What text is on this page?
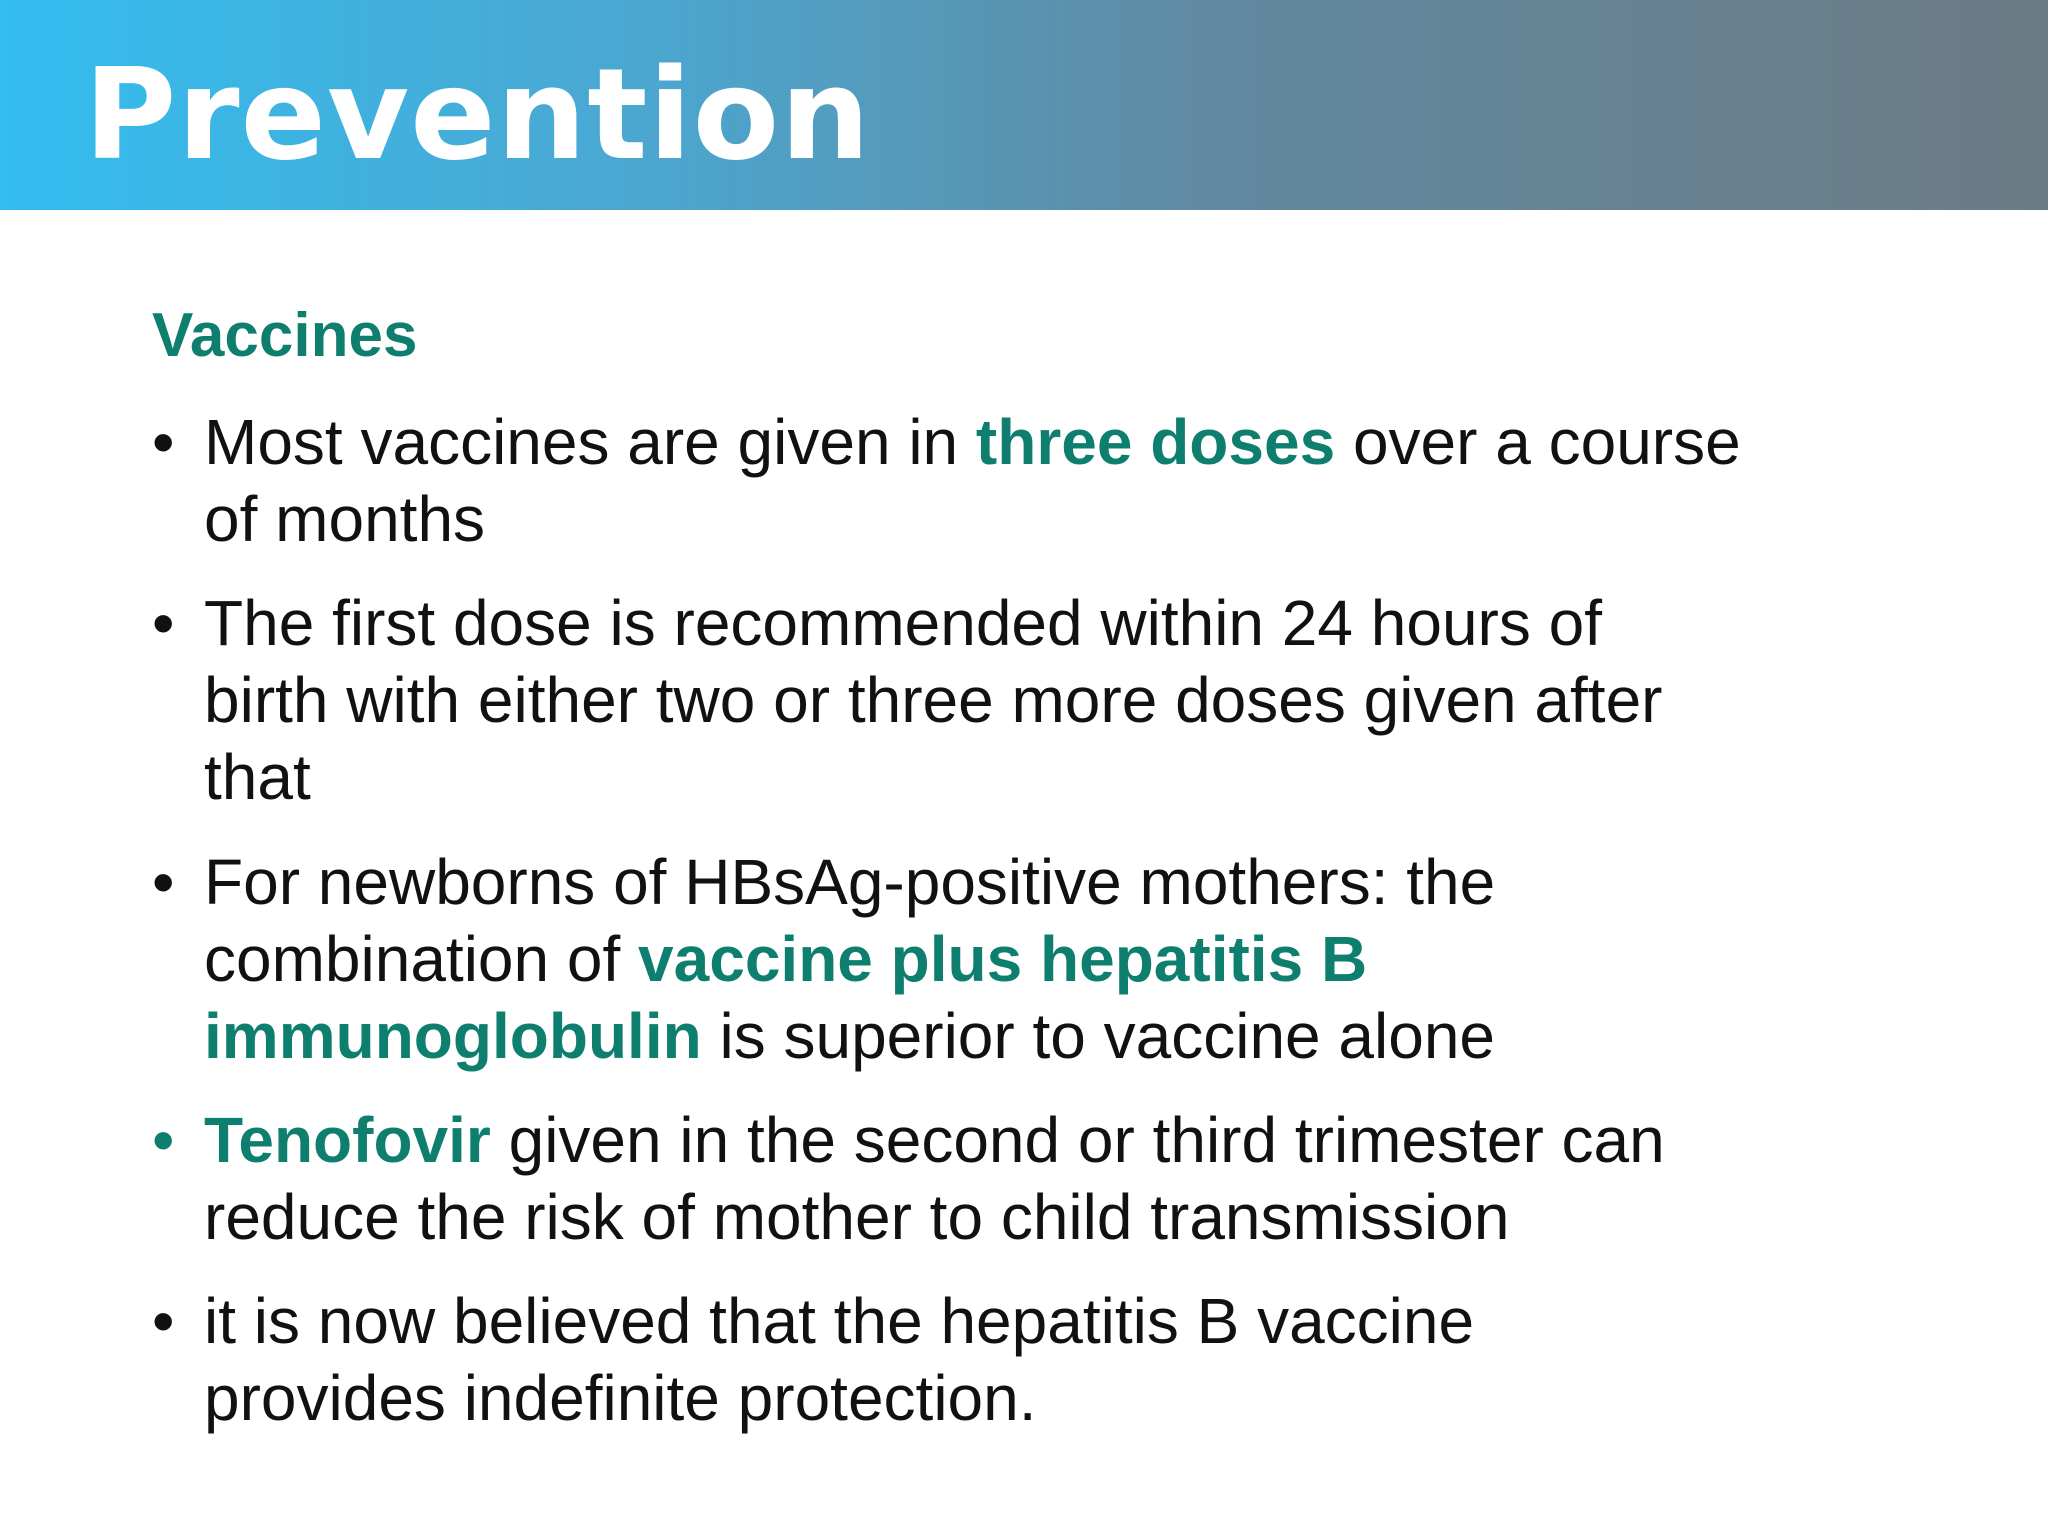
Prevention
Vaccines
• Most vaccines are given in three doses over a course
of months
• The first dose is recommended within 24 hours of
birth with either two or three more doses given after
that
• For newborns of HBsAg-positive mothers: the
combination of vaccine plus hepatitis B
immunoglobulin is superior to vaccine alone
• Tenofovir given in the second or third trimester can
reduce the risk of mother to child transmission
• it is now believed that the hepatitis B vaccine
provides indefinite protection.
